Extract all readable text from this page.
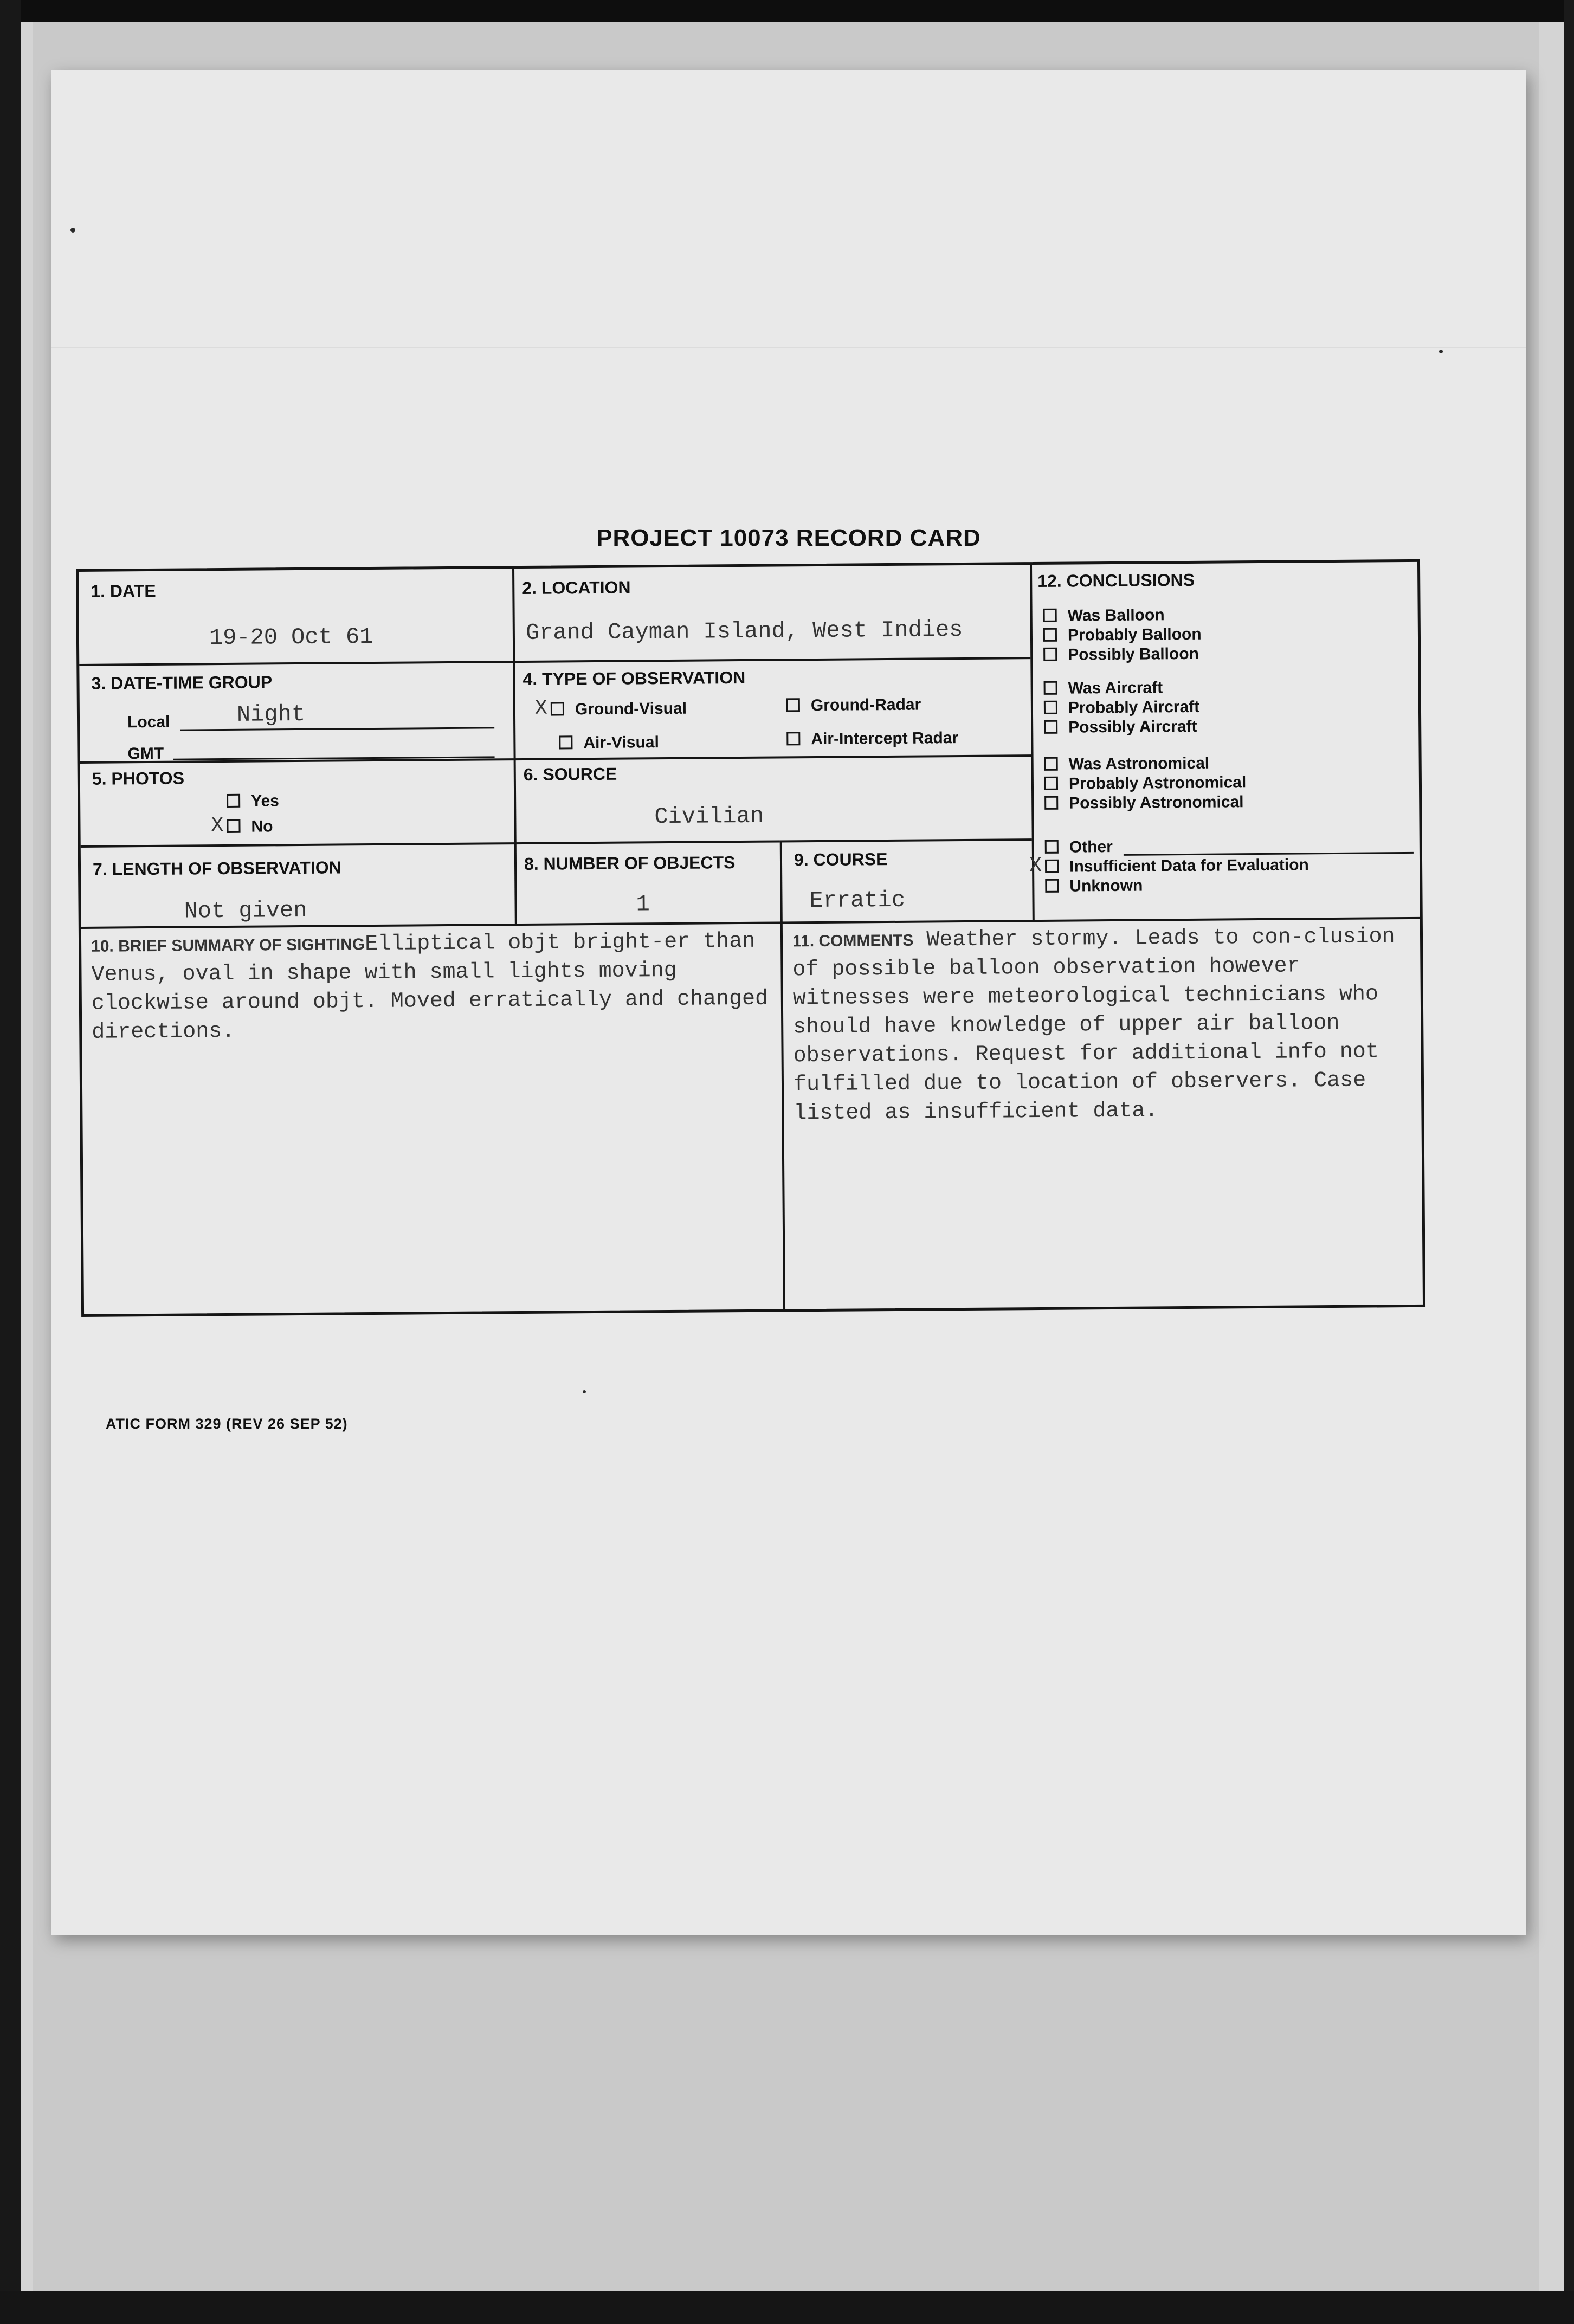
PROJECT 10073 RECORD CARD
1. DATE
19-20 Oct 61
2. LOCATION
Grand Cayman Island, West Indies
3. DATE-TIME GROUP
Local	Night
GMT
4. TYPE OF OBSERVATION
XGround-Visual	Ground-Radar
Air-Visual	Air-Intercept Radar
5. PHOTOS
Yes
XNo
6. SOURCE
Civilian
7. LENGTH OF OBSERVATION
Not given
8. NUMBER OF OBJECTS
1
9. COURSE
Erratic
12. CONCLUSIONS
Was Balloon
Probably Balloon
Possibly Balloon
Was Aircraft
Probably Aircraft
Possibly Aircraft
Was Astronomical
Probably Astronomical
Possibly Astronomical
Other
XInsufficient Data for Evaluation
Unknown
10. BRIEF SUMMARY OF SIGHTINGElliptical objt bright-er than Venus, oval in shape with small lights moving clockwise around objt. Moved erratically and changed directions.
11. COMMENTS Weather stormy. Leads to con-clusion of possible balloon observation however witnesses were meteorological technicians who should have knowledge of upper air balloon observations. Request for additional info not fulfilled due to location of observers. Case listed as insufficient data.
ATIC FORM 329 (REV 26 SEP 52)
